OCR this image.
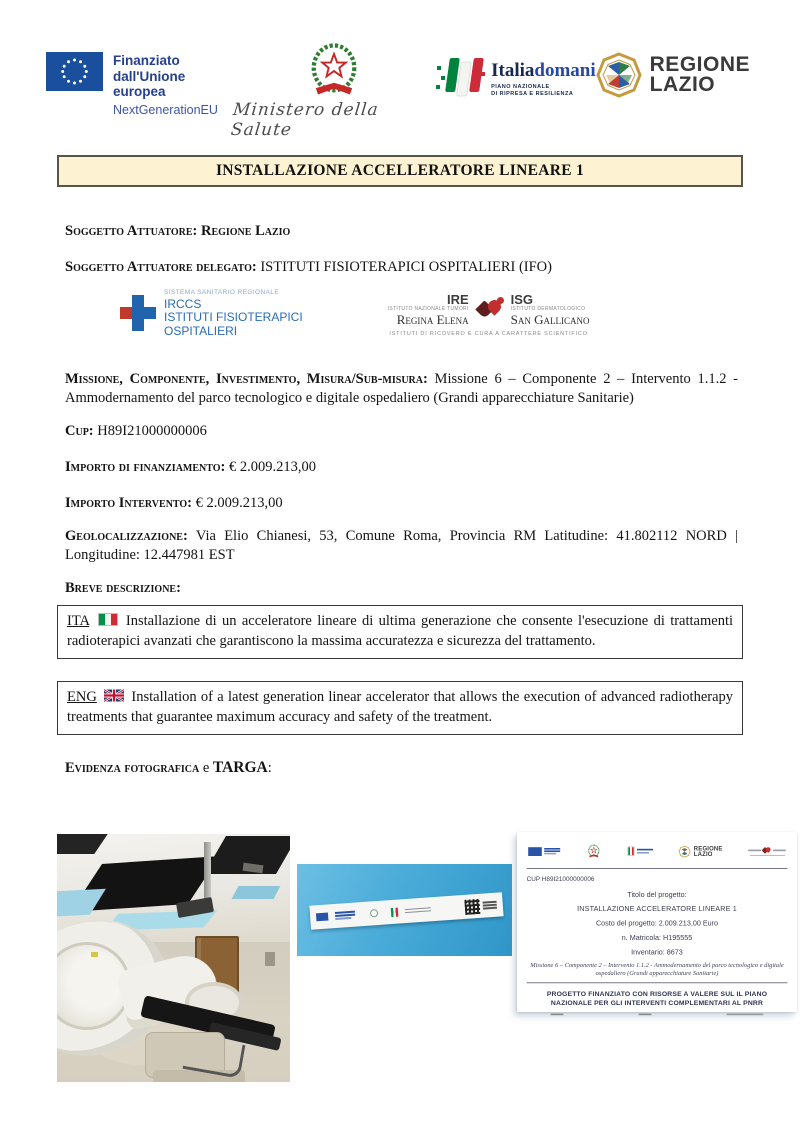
Finanziato
dall'Unione europea
NextGenerationEU Ministero della Salute
Italiadomani
PIANO NAZIONALE
DI RIPRESA E RESILIENZA
REGIONE
LAZIO
INSTALLAZIONE ACCELLERATORE LINEARE 1

Soggetto Attuatore: Regione Lazio

Soggetto Attuatore delegato: ISTITUTI FISIOTERAPICI OSPITALIERI (IFO)

SISTEMA SANITARIO REGIONALE
IRCCS
ISTITUTI FISIOTERAPICI
OSPITALIERI
IRE
ISTITUTO NAZIONALE TUMORI
Regina Elena
ISG
ISTITUTO DERMATOLOGICO
San Gallicano
ISTITUTI DI RICOVERO E CURA A CARATTERE SCIENTIFICO

Missione, Componente, Investimento, Misura/Sub-misura: Missione 6 – Componente 2 – Intervento 1.1.2 - Ammodernamento del parco tecnologico e digitale ospedaliero (Grandi apparecchiature Sanitarie)

Cup: H89I21000000006

Importo di finanziamento: € 2.009.213,00

Importo Intervento: € 2.009.213,00

Geolocalizzazione: Via Elio Chianesi, 53, Comune Roma, Provincia RM Latitudine: 41.802112 NORD | Longitudine: 12.447981 EST

Breve descrizione:

ITA	Installazione di un acceleratore lineare di ultima generazione che consente l'esecuzione di trattamenti radioterapici avanzati che garantiscono la massima accuratezza e sicurezza del trattamento.
ENG Installation of a latest generation linear accelerator that allows the execution of advanced radiotherapy treatments that guarantee maximum accuracy and safety of the treatment.

Evidenza fotografica e TARGA:

REGIONE
LAZIO
CUP H89I21000000006
Titolo del progetto:
INSTALLAZIONE ACCELERATORE LINEARE 1
Costo del progetto: 2.009.213,00 Euro
n. Matricola: H195555
Inventario: 8673
Missione 6 – Componente 2 – Intervento 1.1.2 - Ammodernamento del parco tecnologico e digitale ospedaliero (Grandi apparecchiature Sanitarie)
PROGETTO FINANZIATO CON RISORSE A VALERE SUL IL PIANO NAZIONALE PER GLI INTERVENTI COMPLEMENTARI AL PNRR
